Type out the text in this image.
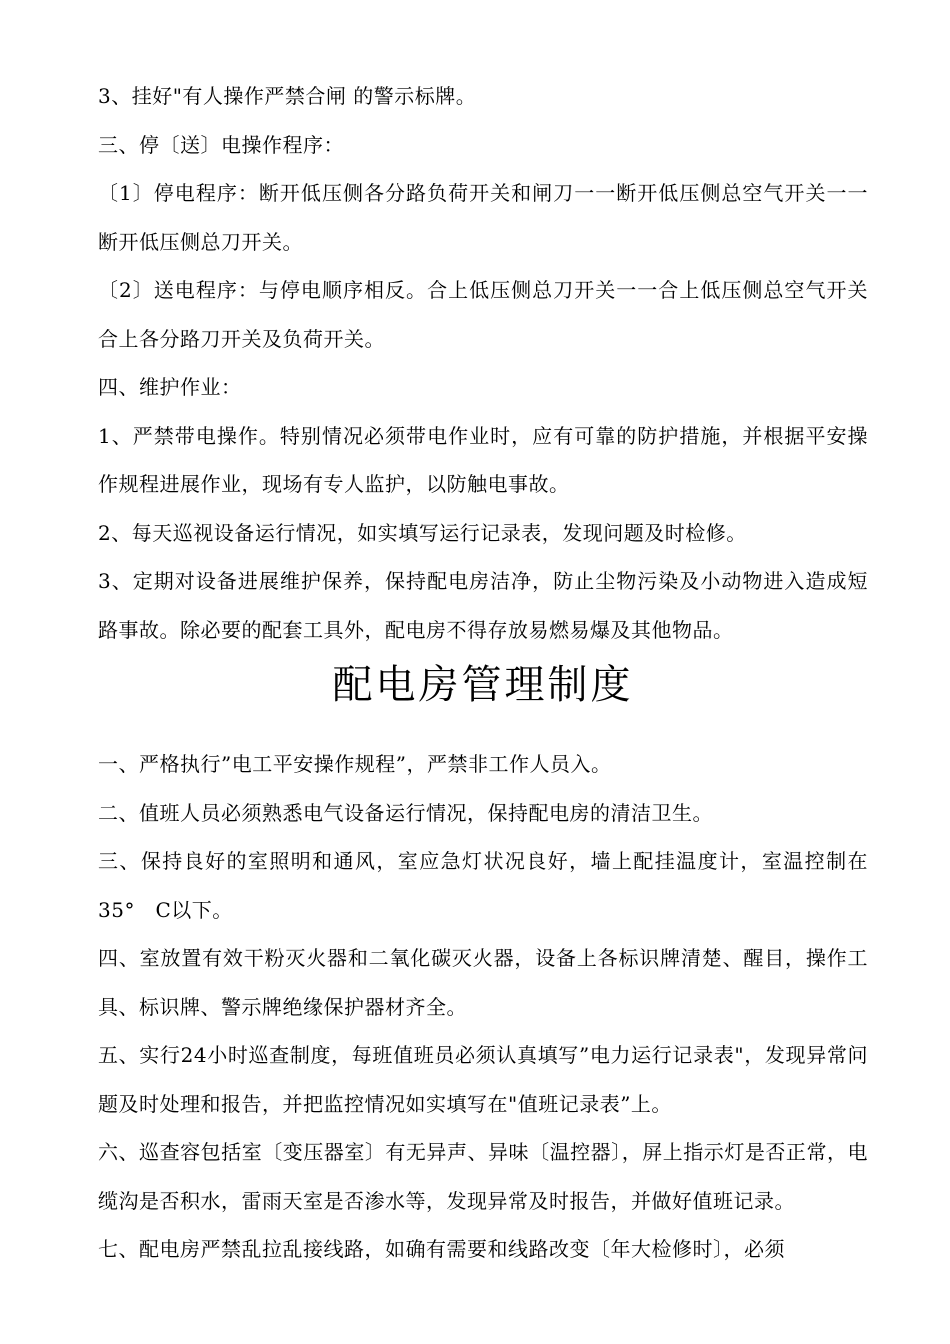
3、挂好"有人操作严禁合闸 的警示标牌。

三、停〔送〕电操作程序：

〔1〕停电程序：断开低压侧各分路负荷开关和闸刀一一断开低压侧总空气开关一一断开低压侧总刀开关。

〔2〕送电程序：与停电顺序相反。合上低压侧总刀开关一一合上低压侧总空气开关合上各分路刀开关及负荷开关。

四、维护作业：

1、严禁带电操作。特别情况必须带电作业时，应有可靠的防护措施，并根据平安操作规程进展作业，现场有专人监护，以防触电事故。

2、每天巡视设备运行情况，如实填写运行记录表，发现问题及时检修。

3、定期对设备进展维护保养，保持配电房洁净，防止尘物污染及小动物进入造成短路事故。除必要的配套工具外，配电房不得存放易燃易爆及其他物品。

配电房管理制度

一、严格执行”电工平安操作规程”，严禁非工作人员入。

二、值班人员必须熟悉电气设备运行情况，保持配电房的清洁卫生。

三、保持良好的室照明和通风，室应急灯状况良好，墙上配挂温度计，室温控制在35°　C以下。

四、室放置有效干粉灭火器和二氧化碳灭火器，设备上各标识牌清楚、醒目，操作工具、标识牌、警示牌绝缘保护器材齐全。

五、实行24小时巡查制度，每班值班员必须认真填写”电力运行记录表"，发现异常问题及时处理和报告，并把监控情况如实填写在"值班记录表”上。

六、巡查容包括室〔变压器室〕有无异声、异味〔温控器〕，屏上指示灯是否正常，电缆沟是否积水，雷雨天室是否渗水等，发现异常及时报告，并做好值班记录。

七、配电房严禁乱拉乱接线路，如确有需要和线路改变〔年大检修时〕，必须
